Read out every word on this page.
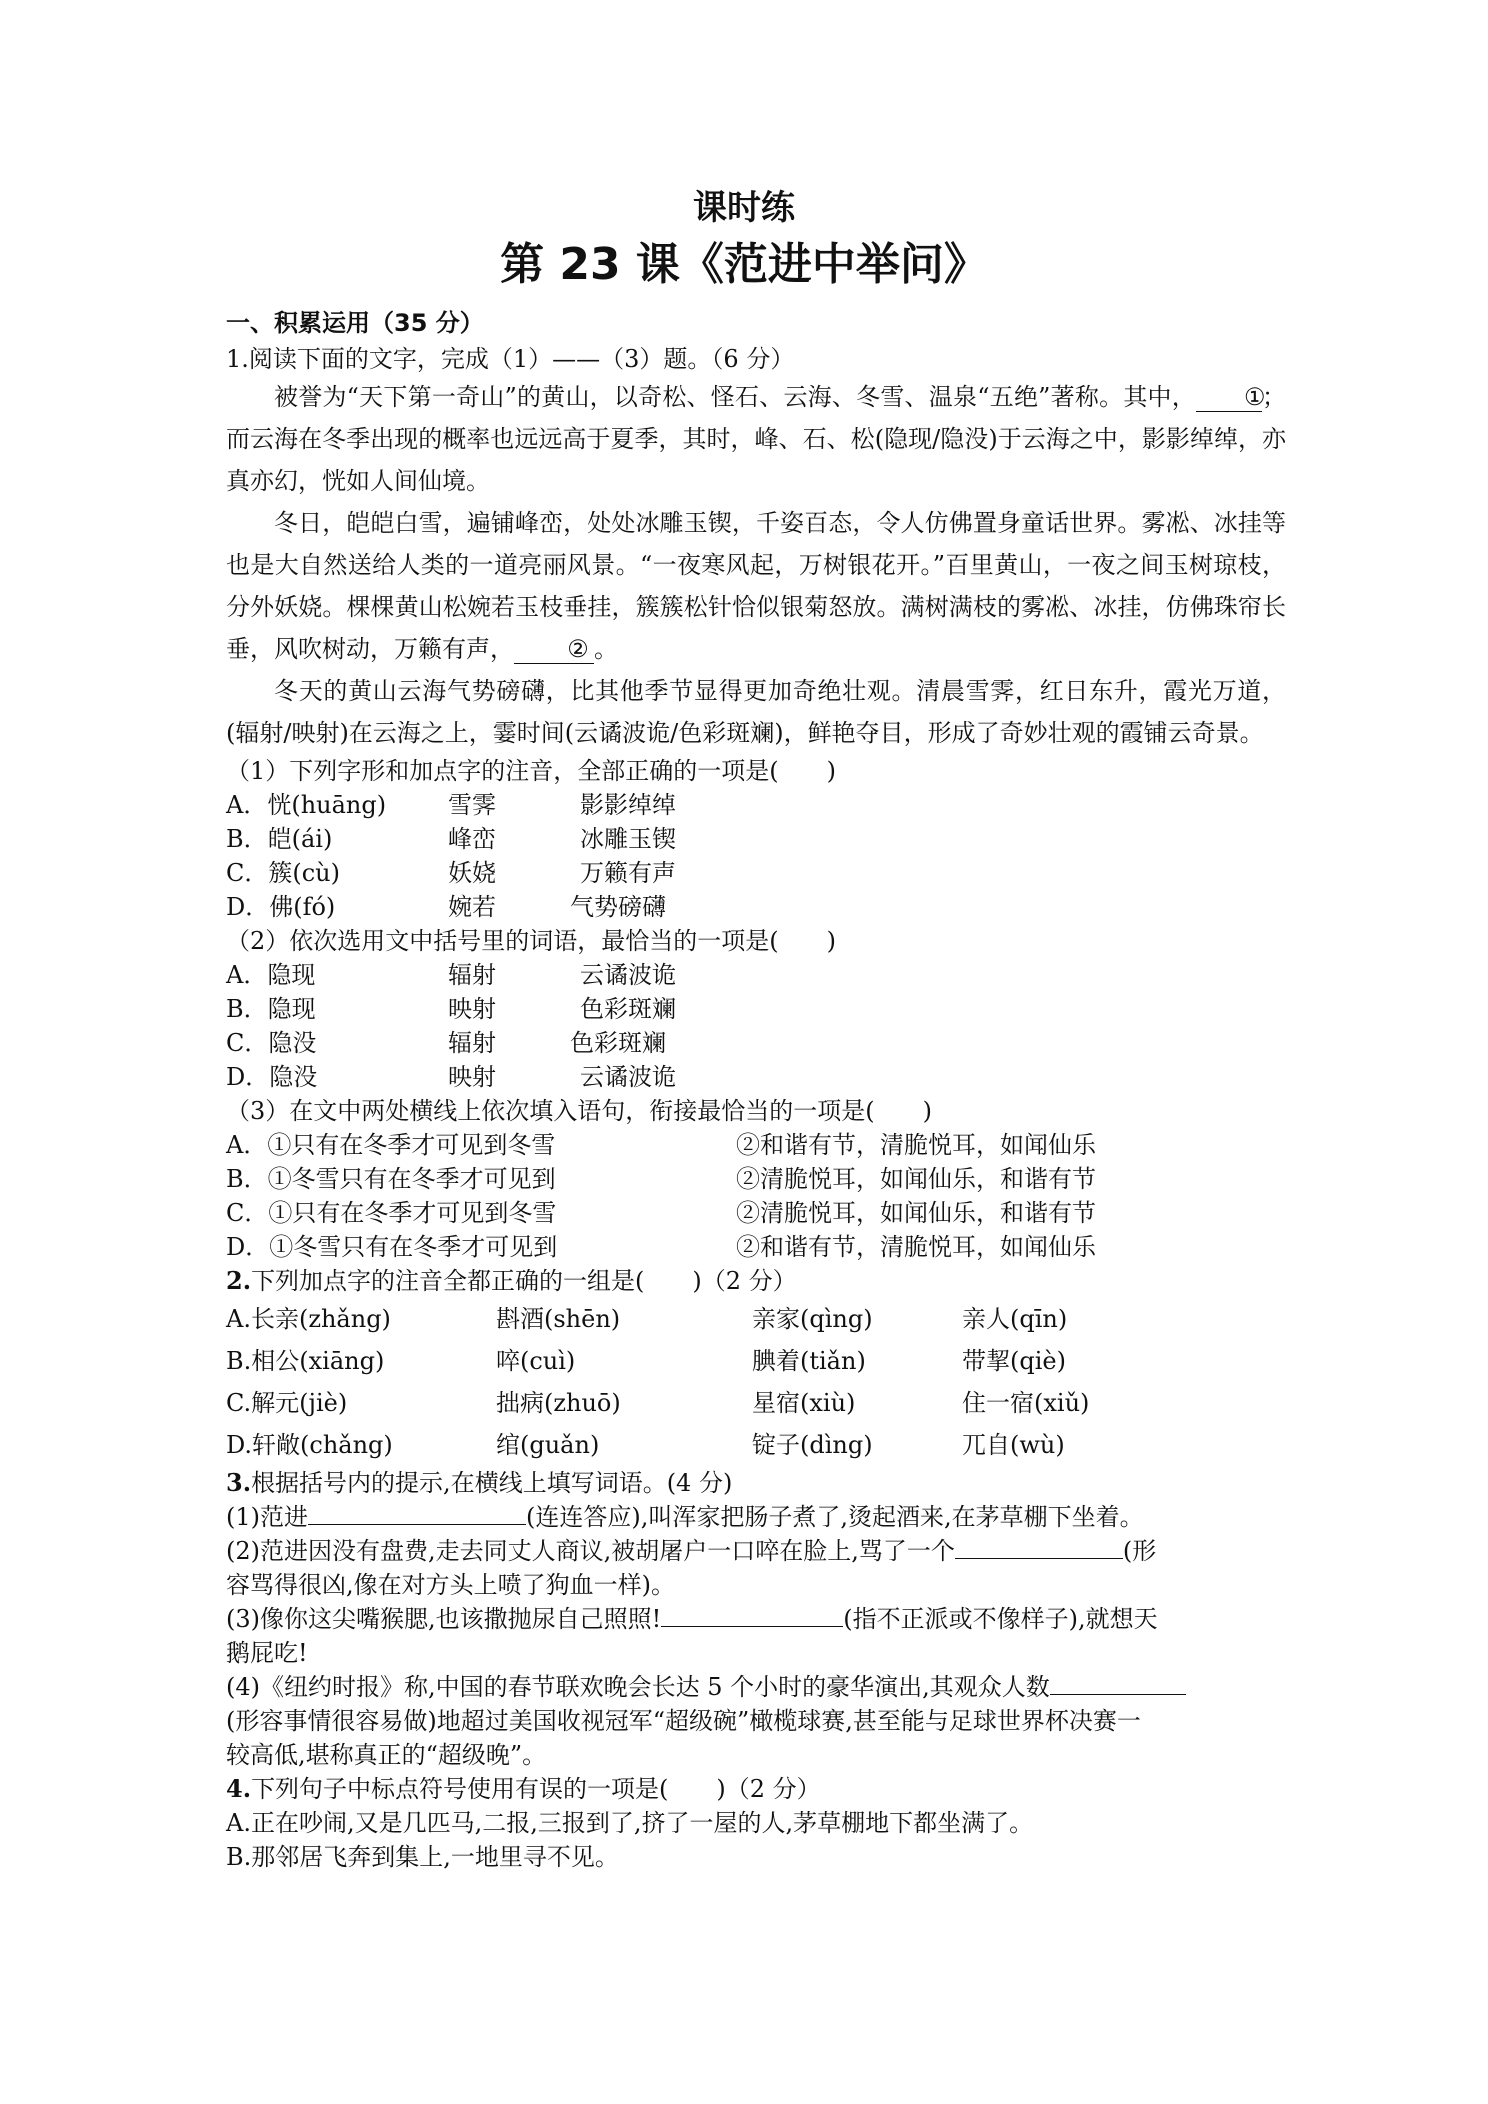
课时练
第 23 课《范进中举问》
一、积累运用（35 分）
1.阅读下面的文字，完成（1）——（3）题。（6 分）
被誉为“天下第一奇山”的黄山，以奇松、怪石、云海、冬雪、温泉“五绝”著称。其中， ①；而云海在冬季出现的概率也远远高于夏季，其时，峰、石、松(隐现/隐没)于云海之中，影影绰绰，亦真亦幻，恍如人间仙境。
冬日，皑皑白雪，遍铺峰峦，处处冰雕玉锲，千姿百态，令人仿佛置身童话世界。雾凇、冰挂等也是大自然送给人类的一道亮丽风景。“一夜寒风起，万树银花开。”百里黄山，一夜之间玉树琼枝，分外妖娆。棵棵黄山松婉若玉枝垂挂，簇簇松针恰似银菊怒放。满树满枝的雾凇、冰挂，仿佛珠帘长垂，风吹树动，万籁有声， ② 。
冬天的黄山云海气势磅礴，比其他季节显得更加奇绝壮观。清晨雪霁，红日东升，霞光万道，(辐射/映射)在云海之上，霎时间(云谲波诡/色彩斑斓)，鲜艳夺目，形成了奇妙壮观的霞铺云奇景。
（1）下列字形和加点字的注音，全部正确的一项是(　　)
A．恍(huāng)	雪霁	影影绰绰
B．皑(ái)	峰峦	冰雕玉锲
C．簇(cù)	妖娆	万籁有声
D．佛(fó)	婉若	气势磅礴
（2）依次选用文中括号里的词语，最恰当的一项是(　　)
A．隐现	辐射	云谲波诡
B．隐现	映射	色彩斑斓
C．隐没	辐射	色彩斑斓
D．隐没	映射	云谲波诡
（3）在文中两处横线上依次填入语句，衔接最恰当的一项是(　　)
A．①只有在冬季才可见到冬雪	②和谐有节，清脆悦耳，如闻仙乐
B．①冬雪只有在冬季才可见到	②清脆悦耳，如闻仙乐，和谐有节
C．①只有在冬季才可见到冬雪	②清脆悦耳，如闻仙乐，和谐有节
D．①冬雪只有在冬季才可见到	②和谐有节，清脆悦耳，如闻仙乐
2.下列加点字的注音全都正确的一组是(　　)（2 分）
A.长亲(zhǎng)	斟酒(shēn)	亲家(qìng)	亲人(qīn)
B.相公(xiāng)	啐(cuì)	腆着(tiǎn)	带挈(qiè)
C.解元(jiè)	拙病(zhuō)	星宿(xiù)	住一宿(xiǔ)
D.轩敞(chǎng)	绾(guǎn)	锭子(dìng)	兀自(wù)
3.根据括号内的提示,在横线上填写词语。(4 分)
(1)范进	(连连答应),叫浑家把肠子煮了,烫起酒来,在茅草棚下坐着。
(2)范进因没有盘费,走去同丈人商议,被胡屠户一口啐在脸上,骂了一个	(形
容骂得很凶,像在对方头上喷了狗血一样)。
(3)像你这尖嘴猴腮,也该撒抛尿自己照照!	(指不正派或不像样子),就想天
鹅屁吃!
(4)《纽约时报》称,中国的春节联欢晚会长达 5 个小时的豪华演出,其观众人数
(形容事情很容易做)地超过美国收视冠军“超级碗”橄榄球赛,甚至能与足球世界杯决赛一
较高低,堪称真正的“超级晚”。
4.下列句子中标点符号使用有误的一项是(　　)（2 分）
A.正在吵闹,又是几匹马,二报,三报到了,挤了一屋的人,茅草棚地下都坐满了。
B.那邻居飞奔到集上,一地里寻不见。
